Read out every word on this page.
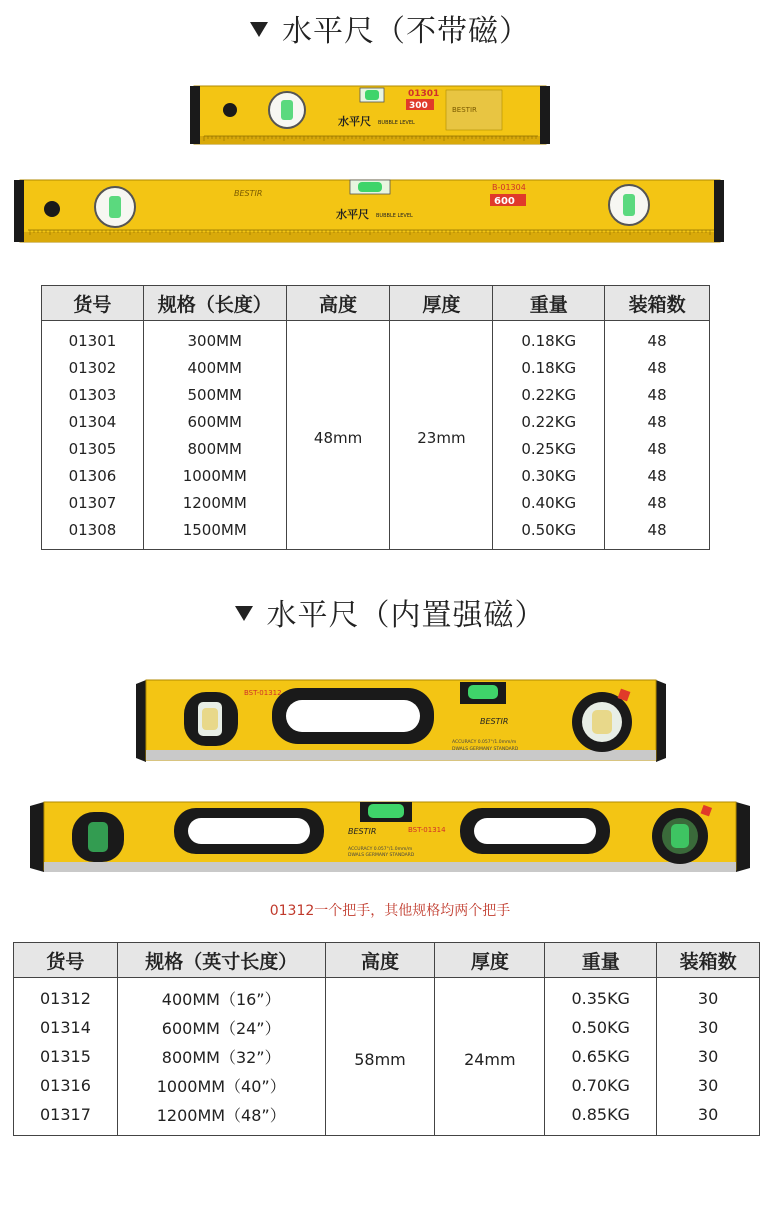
水平尺（不带磁）
水平尺 BUBBLE LEVEL
01301
300	BESTIR
BESTIR
水平尺 BUBBLE LEVEL
B-01304
600
货号	规格（长度）	高度	厚度	重量	装箱数
01301	300MM	48mm	23mm	0.18KG	48
01302	400MM			0.18KG	48
01303	500MM			0.22KG	48
01304	600MM			0.22KG	48
01305	800MM			0.25KG	48
01306	1000MM			0.30KG	48
01307	1200MM			0.40KG	48
01308	1500MM			0.50KG	48
水平尺（内置强磁）
BST-01312
BESTIR
ACCURACY 0.057°/1.0mm/m
DWALS GERMANY STANDARD
BESTIR	BST-01314
ACCURACY 0.057°/1.0mm/m
DWALS GERMANY STANDARD
01312一个把手，其他规格均两个把手
货号	规格（英寸长度）	高度	厚度	重量	装箱数
01312	400MM（16”）	58mm	24mm	0.35KG	30
01314	600MM（24”）			0.50KG	30
01315	800MM（32”）			0.65KG	30
01316	1000MM（40”）			0.70KG	30
01317	1200MM（48”）			0.85KG	30
